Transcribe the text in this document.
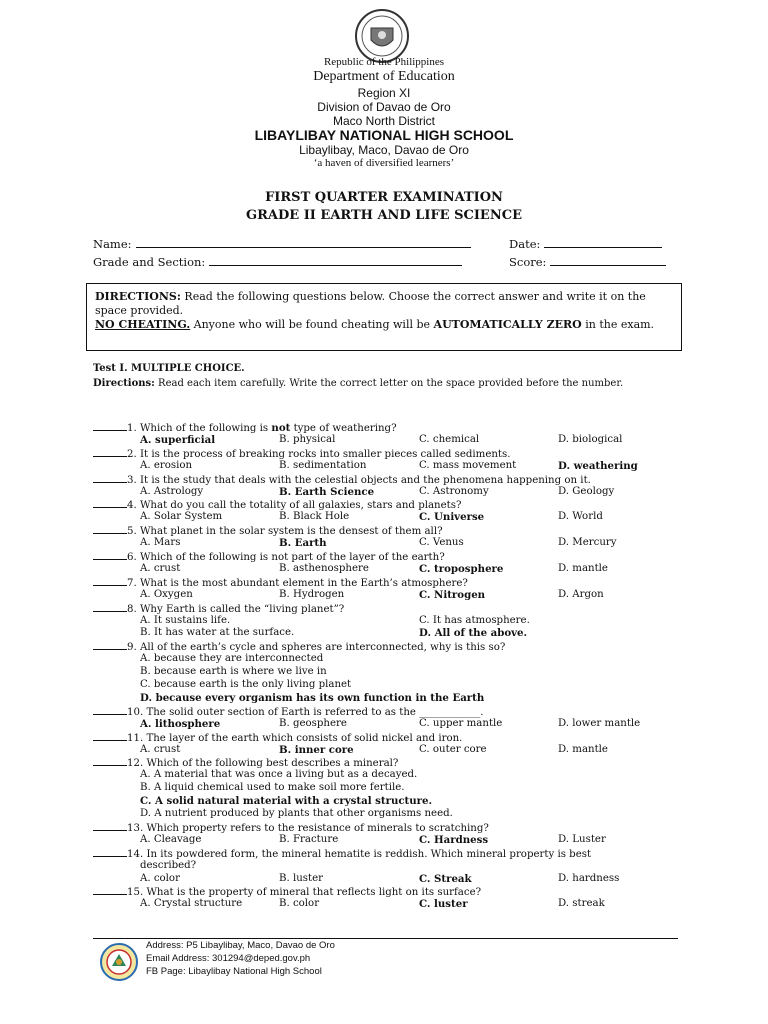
Republic of the Philippines
Department of Education
Region XI
Division of Davao de Oro
Maco North District
LIBAYLIBAY NATIONAL HIGH SCHOOL
Libaylibay, Maco, Davao de Oro
‘a haven of diversified learners’
FIRST QUARTER EXAMINATION
GRADE II EARTH AND LIFE SCIENCE
Name:	Date:
Grade and Section:	Score:
DIRECTIONS: Read the following questions below. Choose the correct answer and write it on the space provided.
NO CHEATING. Anyone who will be found cheating will be AUTOMATICALLY ZERO in the exam.
Test I. MULTIPLE CHOICE.
Directions: Read each item carefully. Write the correct letter on the space provided before the number.
1. Which of the following is not type of weathering?
A. superficial	B. physical	C. chemical	D. biological
2. It is the process of breaking rocks into smaller pieces called sediments.
A. erosion	B. sedimentation	C. mass movement	D. weathering
3. It is the study that deals with the celestial objects and the phenomena happening on it.
A. Astrology	B. Earth Science	C. Astronomy	D. Geology
4. What do you call the totality of all galaxies, stars and planets?
A. Solar System	B. Black Hole	C. Universe	D. World
5. What planet in the solar system is the densest of them all?
A. Mars	B. Earth	C. Venus	D. Mercury
6. Which of the following is not part of the layer of the earth?
A. crust	B. asthenosphere	C. troposphere	D. mantle
7. What is the most abundant element in the Earth’s atmosphere?
A. Oxygen	B. Hydrogen	C. Nitrogen	D. Argon
8. Why Earth is called the “living planet”?
A. It sustains life.	C. It has atmosphere.
B. It has water at the surface.	D. All of the above.
9. All of the earth’s cycle and spheres are interconnected, why is this so?
A. because they are interconnected
B. because earth is where we live in
C. because earth is the only living planet
D. because every organism has its own function in the Earth
10. The solid outer section of Earth is referred to as the ____________.
A. lithosphere	B. geosphere	C. upper mantle	D. lower mantle
11. The layer of the earth which consists of solid nickel and iron.
A. crust	B. inner core	C. outer core	D. mantle
12. Which of the following best describes a mineral?
A. A material that was once a living but as a decayed.
B. A liquid chemical used to make soil more fertile.
C. A solid natural material with a crystal structure.
D. A nutrient produced by plants that other organisms need.
13. Which property refers to the resistance of minerals to scratching?
A. Cleavage	B. Fracture	C. Hardness	D. Luster
14. In its powdered form, the mineral hematite is reddish. Which mineral property is best
described?
A. color	B. luster	C. Streak	D. hardness
15. What is the property of mineral that reflects light on its surface?
A. Crystal structure	B. color	C. luster	D. streak
Address: P5 Libaylibay, Maco, Davao de Oro
Email Address: 301294@deped.gov.ph
FB Page: Libaylibay National High School
